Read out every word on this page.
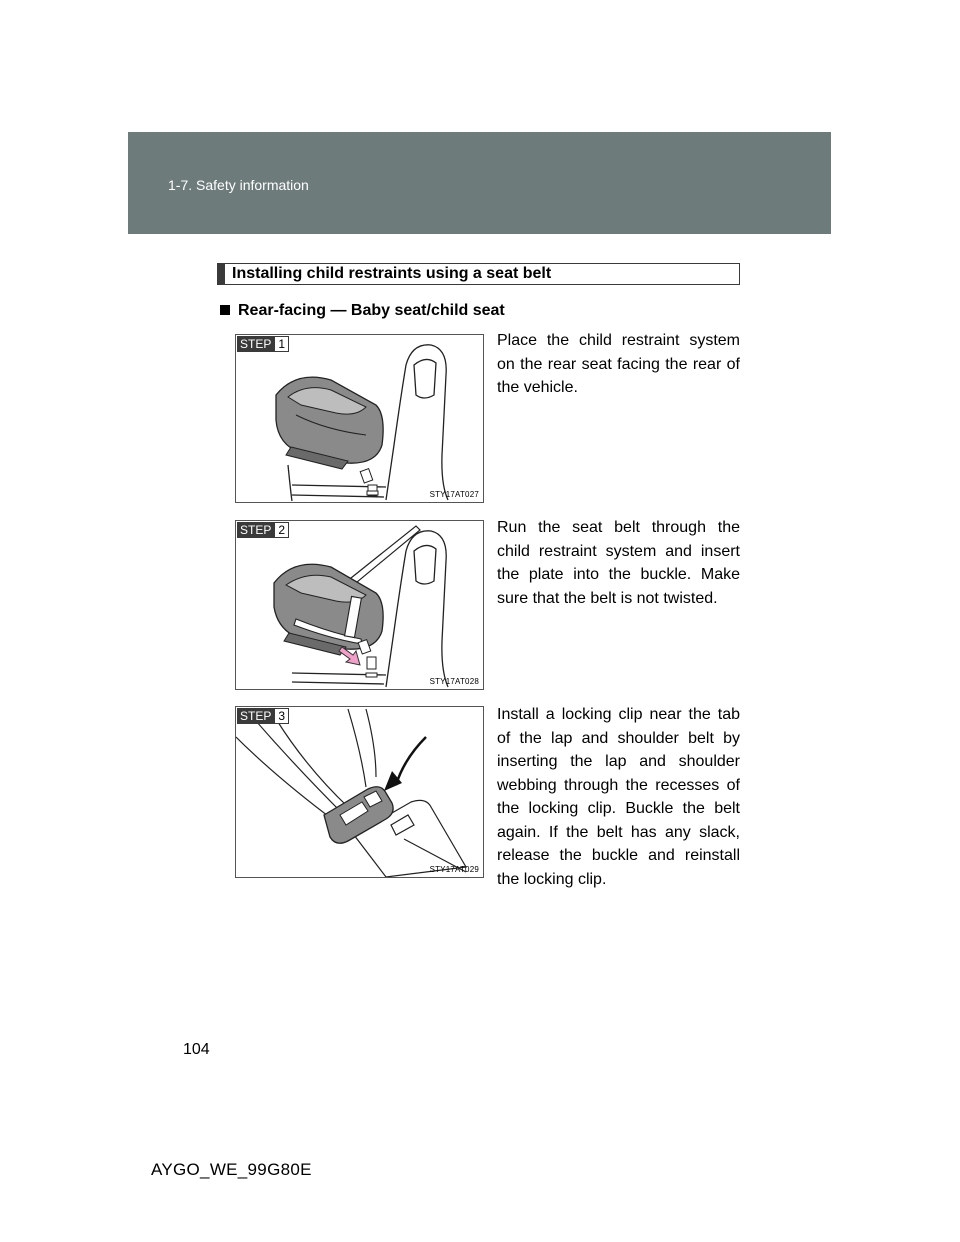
1-7. Safety information
Installing child restraints using a seat belt
Rear-facing — Baby seat/child seat
STEP 1
STY17AT027
Place the child restraint system on the rear seat facing the rear of the vehicle.
STEP 2
STY17AT028
Run the seat belt through the child restraint system and insert the plate into the buckle. Make sure that the belt is not twisted.
STEP 3
STY17AT029
Install a locking clip near the tab of the lap and shoulder belt by inserting the lap and shoulder webbing through the recesses of the locking clip. Buckle the belt again. If the belt has any slack, release the buckle and reinstall the locking clip.
104
AYGO_WE_99G80E
